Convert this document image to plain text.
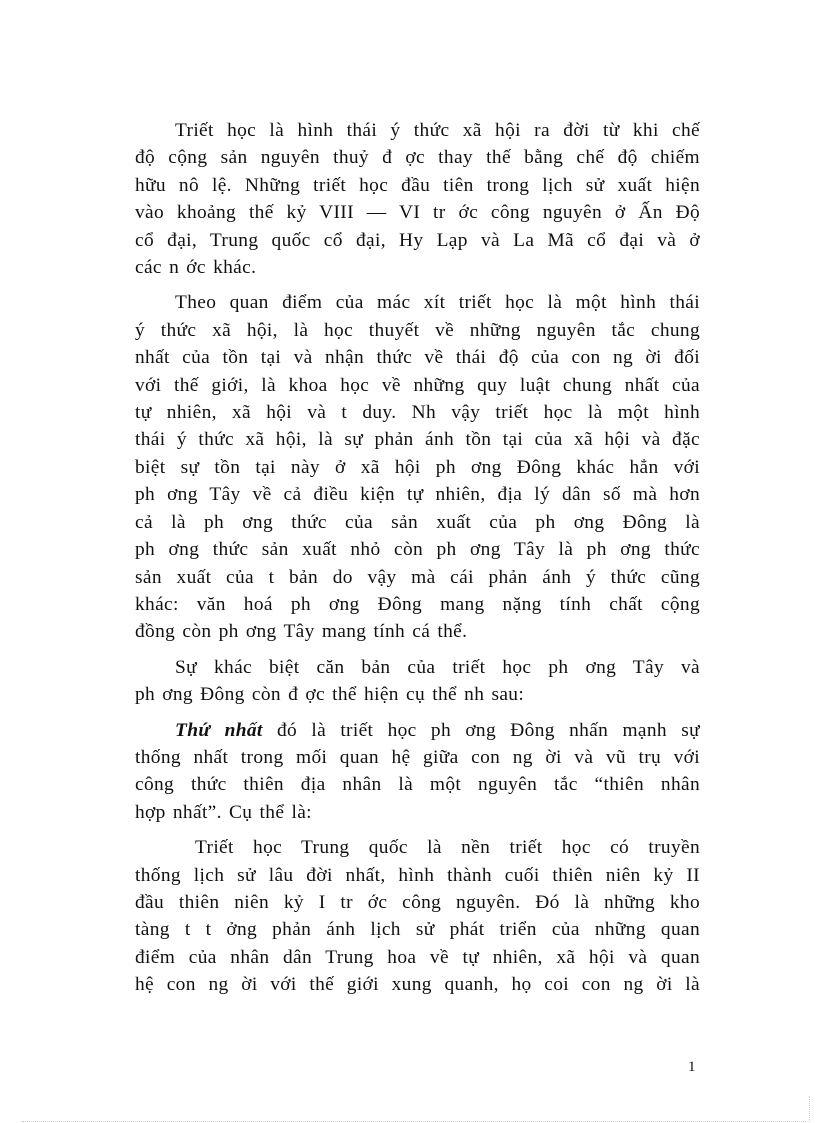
Triết học là hình thái ý thức xã hội ra đời từ khi chế
độ cộng sản nguyên thuỷ đ ợc thay thế bằng chế độ chiếm
hữu nô lệ. Những triết học đầu tiên trong lịch sử xuất hiện
vào khoảng thế kỷ VIII — VI tr ớc công nguyên ở Ấn Độ
cổ đại, Trung quốc cổ đại, Hy Lạp và La Mã cổ đại và ở
các n ớc khác.

Theo quan điểm của mác xít triết học là một hình thái
ý thức xã hội, là học thuyết về những nguyên tắc chung
nhất của tồn tại và nhận thức về thái độ của con ng ời đối
với thế giới, là khoa học về những quy luật chung nhất của
tự nhiên, xã hội và t duy. Nh vậy triết học là một hình
thái ý thức xã hội, là sự phản ánh tồn tại của xã hội và đặc
biệt sự tồn tại này ở xã hội ph ơng Đông khác hẳn với
ph ơng Tây về cả điều kiện tự nhiên, địa lý dân số mà hơn
cả là ph ơng thức của sản xuất của ph ơng Đông là
ph ơng thức sản xuất nhỏ còn ph ơng Tây là ph ơng thức
sản xuất của t bản do vậy mà cái phản ánh ý thức cũng
khác: văn hoá ph ơng Đông mang nặng tính chất cộng
đồng còn ph ơng Tây mang tính cá thể.

Sự khác biệt căn bản của triết học ph ơng Tây và
ph ơng Đông còn đ ợc thể hiện cụ thể nh sau:

Thứ nhất đó là triết học ph ơng Đông nhấn mạnh sự
thống nhất trong mối quan hệ giữa con ng ời và vũ trụ với
công thức thiên địa nhân là một nguyên tắc “thiên nhân
hợp nhất”. Cụ thể là:

Triết học Trung quốc là nền triết học có truyền
thống lịch sử lâu đời nhất, hình thành cuối thiên niên kỷ II
đầu thiên niên kỷ I tr ớc công nguyên. Đó là những kho
tàng t t ởng phản ánh lịch sử phát triển của những quan
điểm của nhân dân Trung hoa về tự nhiên, xã hội và quan
hệ con ng ời với thế giới xung quanh, họ coi con ng ời là

1
